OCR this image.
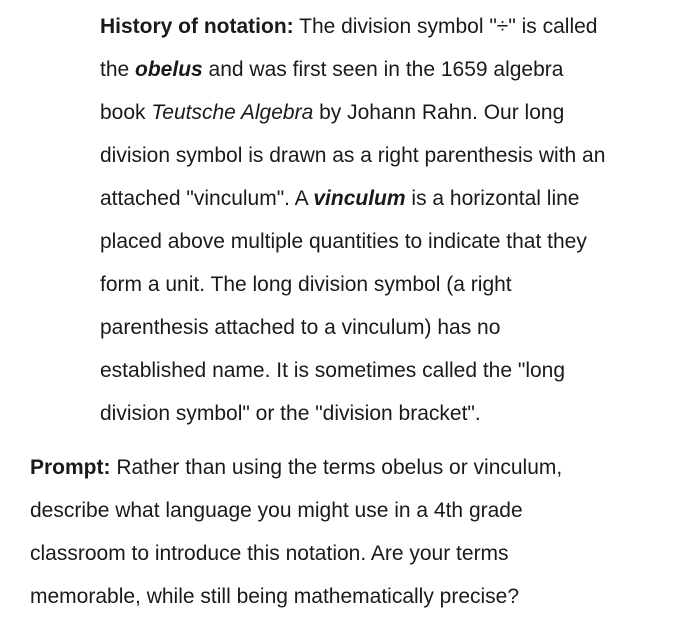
History of notation: The division symbol "÷" is called
the obelus and was first seen in the 1659 algebra
book Teutsche Algebra by Johann Rahn. Our long
division symbol is drawn as a right parenthesis with an
attached "vinculum". A vinculum is a horizontal line
placed above multiple quantities to indicate that they
form a unit. The long division symbol (a right
parenthesis attached to a vinculum) has no
established name. It is sometimes called the "long
division symbol" or the "division bracket".
Prompt: Rather than using the terms obelus or vinculum,
describe what language you might use in a 4th grade
classroom to introduce this notation. Are your terms
memorable, while still being mathematically precise?
